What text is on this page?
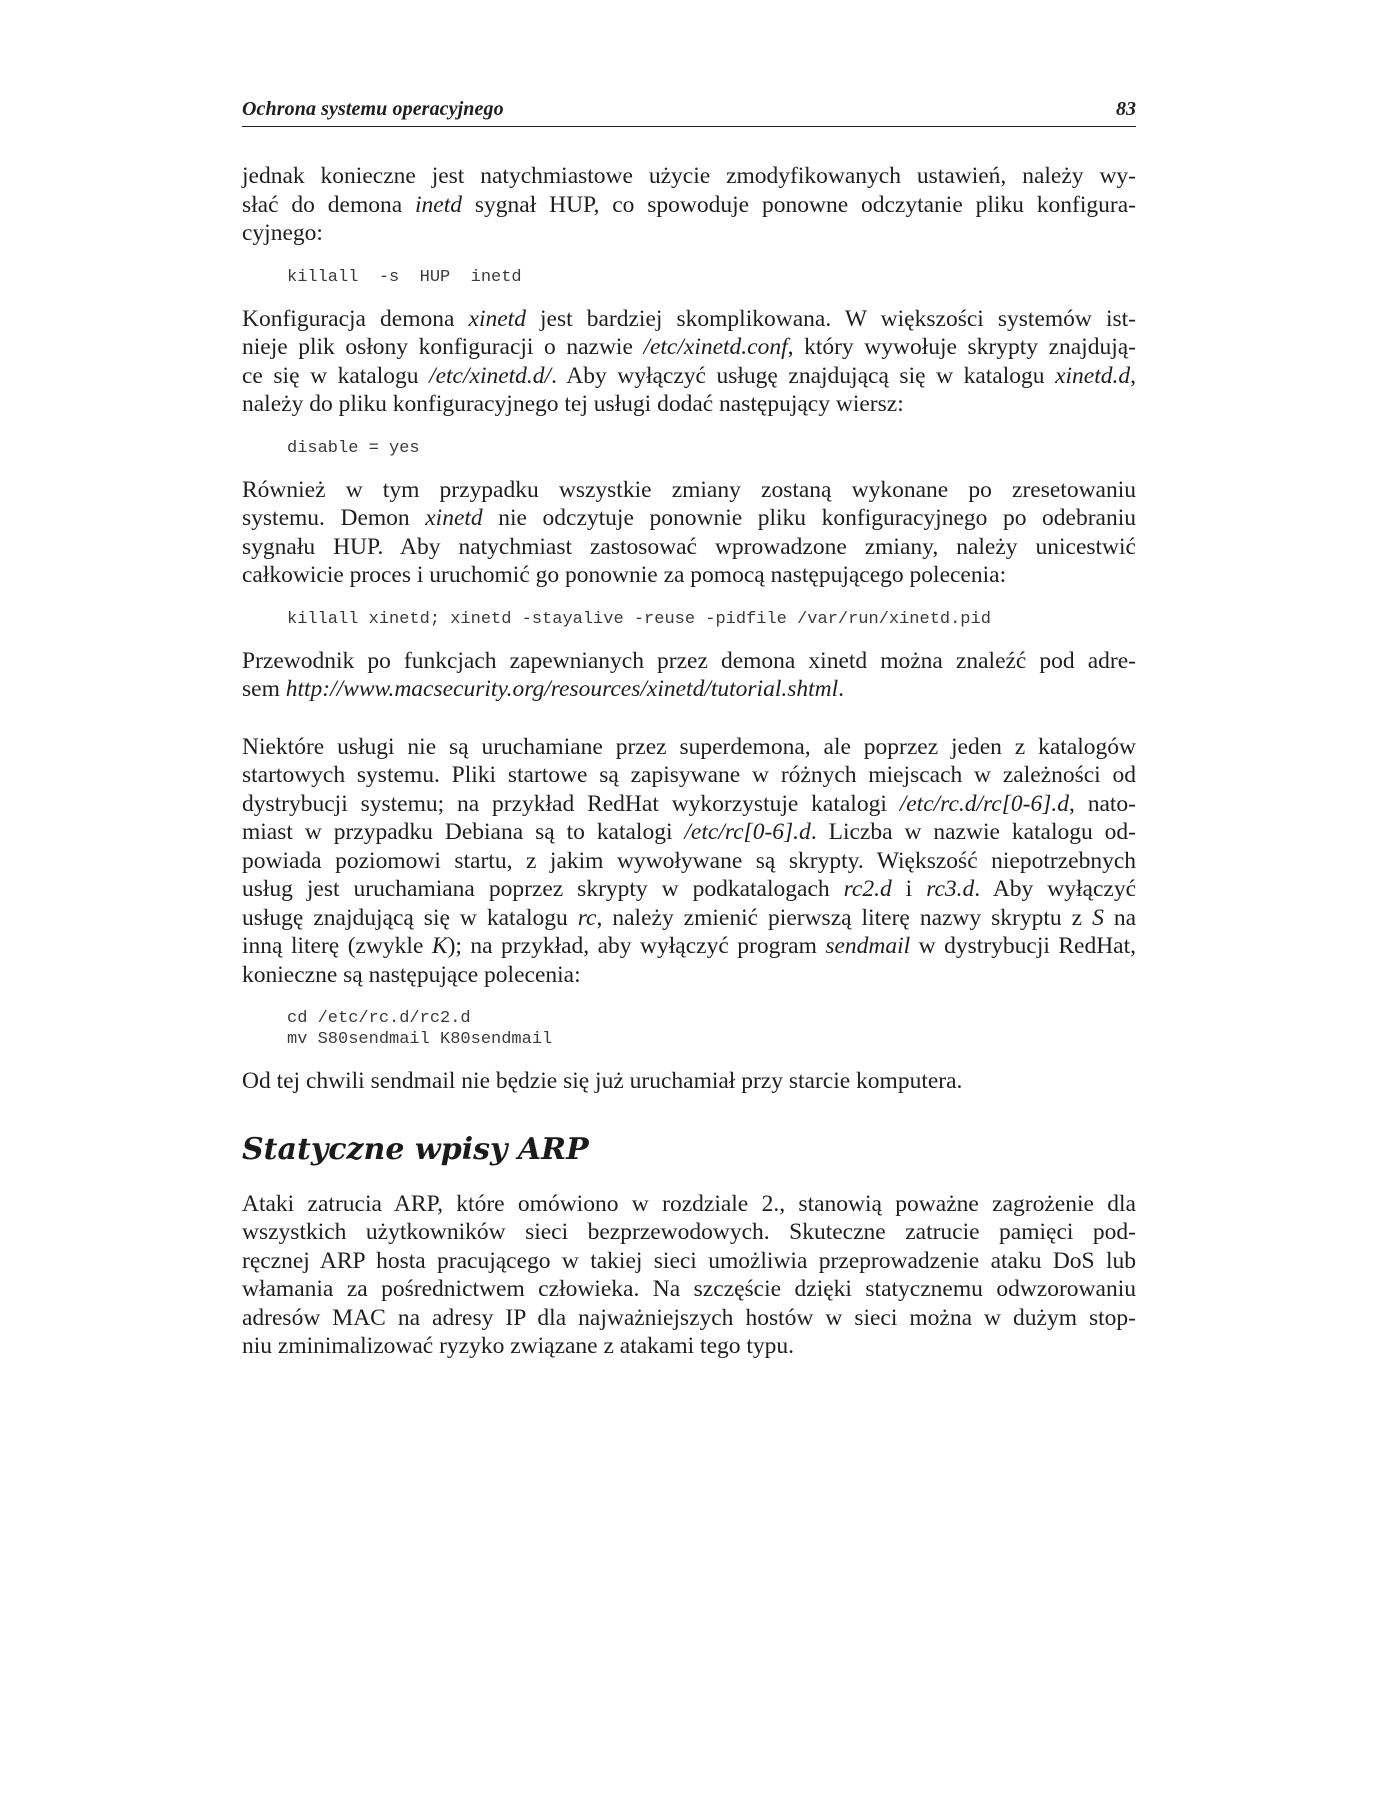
Ochrona systemu operacyjnego	83

jednak konieczne jest natychmiastowe użycie zmodyfikowanych ustawień, należy wy-
słać do demona inetd sygnał HUP, co spowoduje ponowne odczytanie pliku konfigura-
cyjnego:

killall  -s  HUP  inetd

Konfiguracja demona xinetd jest bardziej skomplikowana. W większości systemów ist-
nieje plik osłony konfiguracji o nazwie /etc/xinetd.conf, który wywołuje skrypty znajdują-
ce się w katalogu /etc/xinetd.d/. Aby wyłączyć usługę znajdującą się w katalogu xinetd.d,
należy do pliku konfiguracyjnego tej usługi dodać następujący wiersz:

disable = yes

Również w tym przypadku wszystkie zmiany zostaną wykonane po zresetowaniu
systemu. Demon xinetd nie odczytuje ponownie pliku konfiguracyjnego po odebraniu
sygnału HUP. Aby natychmiast zastosować wprowadzone zmiany, należy unicestwić
całkowicie proces i uruchomić go ponownie za pomocą następującego polecenia:

killall xinetd; xinetd -stayalive -reuse -pidfile /var/run/xinetd.pid

Przewodnik po funkcjach zapewnianych przez demona xinetd można znaleźć pod adre-
sem http://www.macsecurity.org/resources/xinetd/tutorial.shtml.

Niektóre usługi nie są uruchamiane przez superdemona, ale poprzez jeden z katalogów
startowych systemu. Pliki startowe są zapisywane w różnych miejscach w zależności od
dystrybucji systemu; na przykład RedHat wykorzystuje katalogi /etc/rc.d/rc[0-6].d, nato-
miast w przypadku Debiana są to katalogi /etc/rc[0-6].d. Liczba w nazwie katalogu od-
powiada poziomowi startu, z jakim wywoływane są skrypty. Większość niepotrzebnych
usług jest uruchamiana poprzez skrypty w podkatalogach rc2.d i rc3.d. Aby wyłączyć
usługę znajdującą się w katalogu rc, należy zmienić pierwszą literę nazwy skryptu z S na
inną literę (zwykle K); na przykład, aby wyłączyć program sendmail w dystrybucji RedHat,
konieczne są następujące polecenia:

cd /etc/rc.d/rc2.d
mv S80sendmail K80sendmail

Od tej chwili sendmail nie będzie się już uruchamiał przy starcie komputera.

Statyczne wpisy ARP

Ataki zatrucia ARP, które omówiono w rozdziale 2., stanowią poważne zagrożenie dla
wszystkich użytkowników sieci bezprzewodowych. Skuteczne zatrucie pamięci pod-
ręcznej ARP hosta pracującego w takiej sieci umożliwia przeprowadzenie ataku DoS lub
włamania za pośrednictwem człowieka. Na szczęście dzięki statycznemu odwzorowaniu
adresów MAC na adresy IP dla najważniejszych hostów w sieci można w dużym stop-
niu zminimalizować ryzyko związane z atakami tego typu.
